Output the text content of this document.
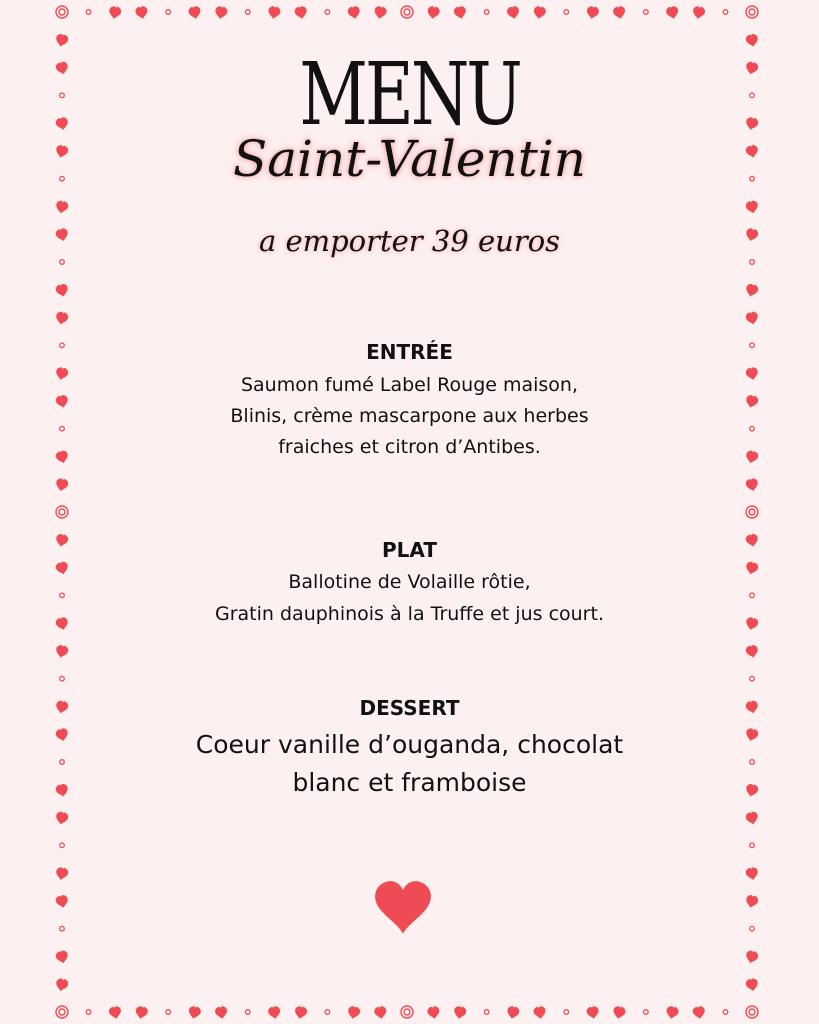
MENU
Saint-Valentin
a emporter 39 euros
ENTRÉE
Saumon fumé Label Rouge maison,
Blinis, crème mascarpone aux herbes
fraiches et citron d’Antibes.
PLAT
Ballotine de Volaille rôtie,
Gratin dauphinois à la Truffe et jus court.
DESSERT
Coeur vanille d’ouganda, chocolat
blanc et framboise
